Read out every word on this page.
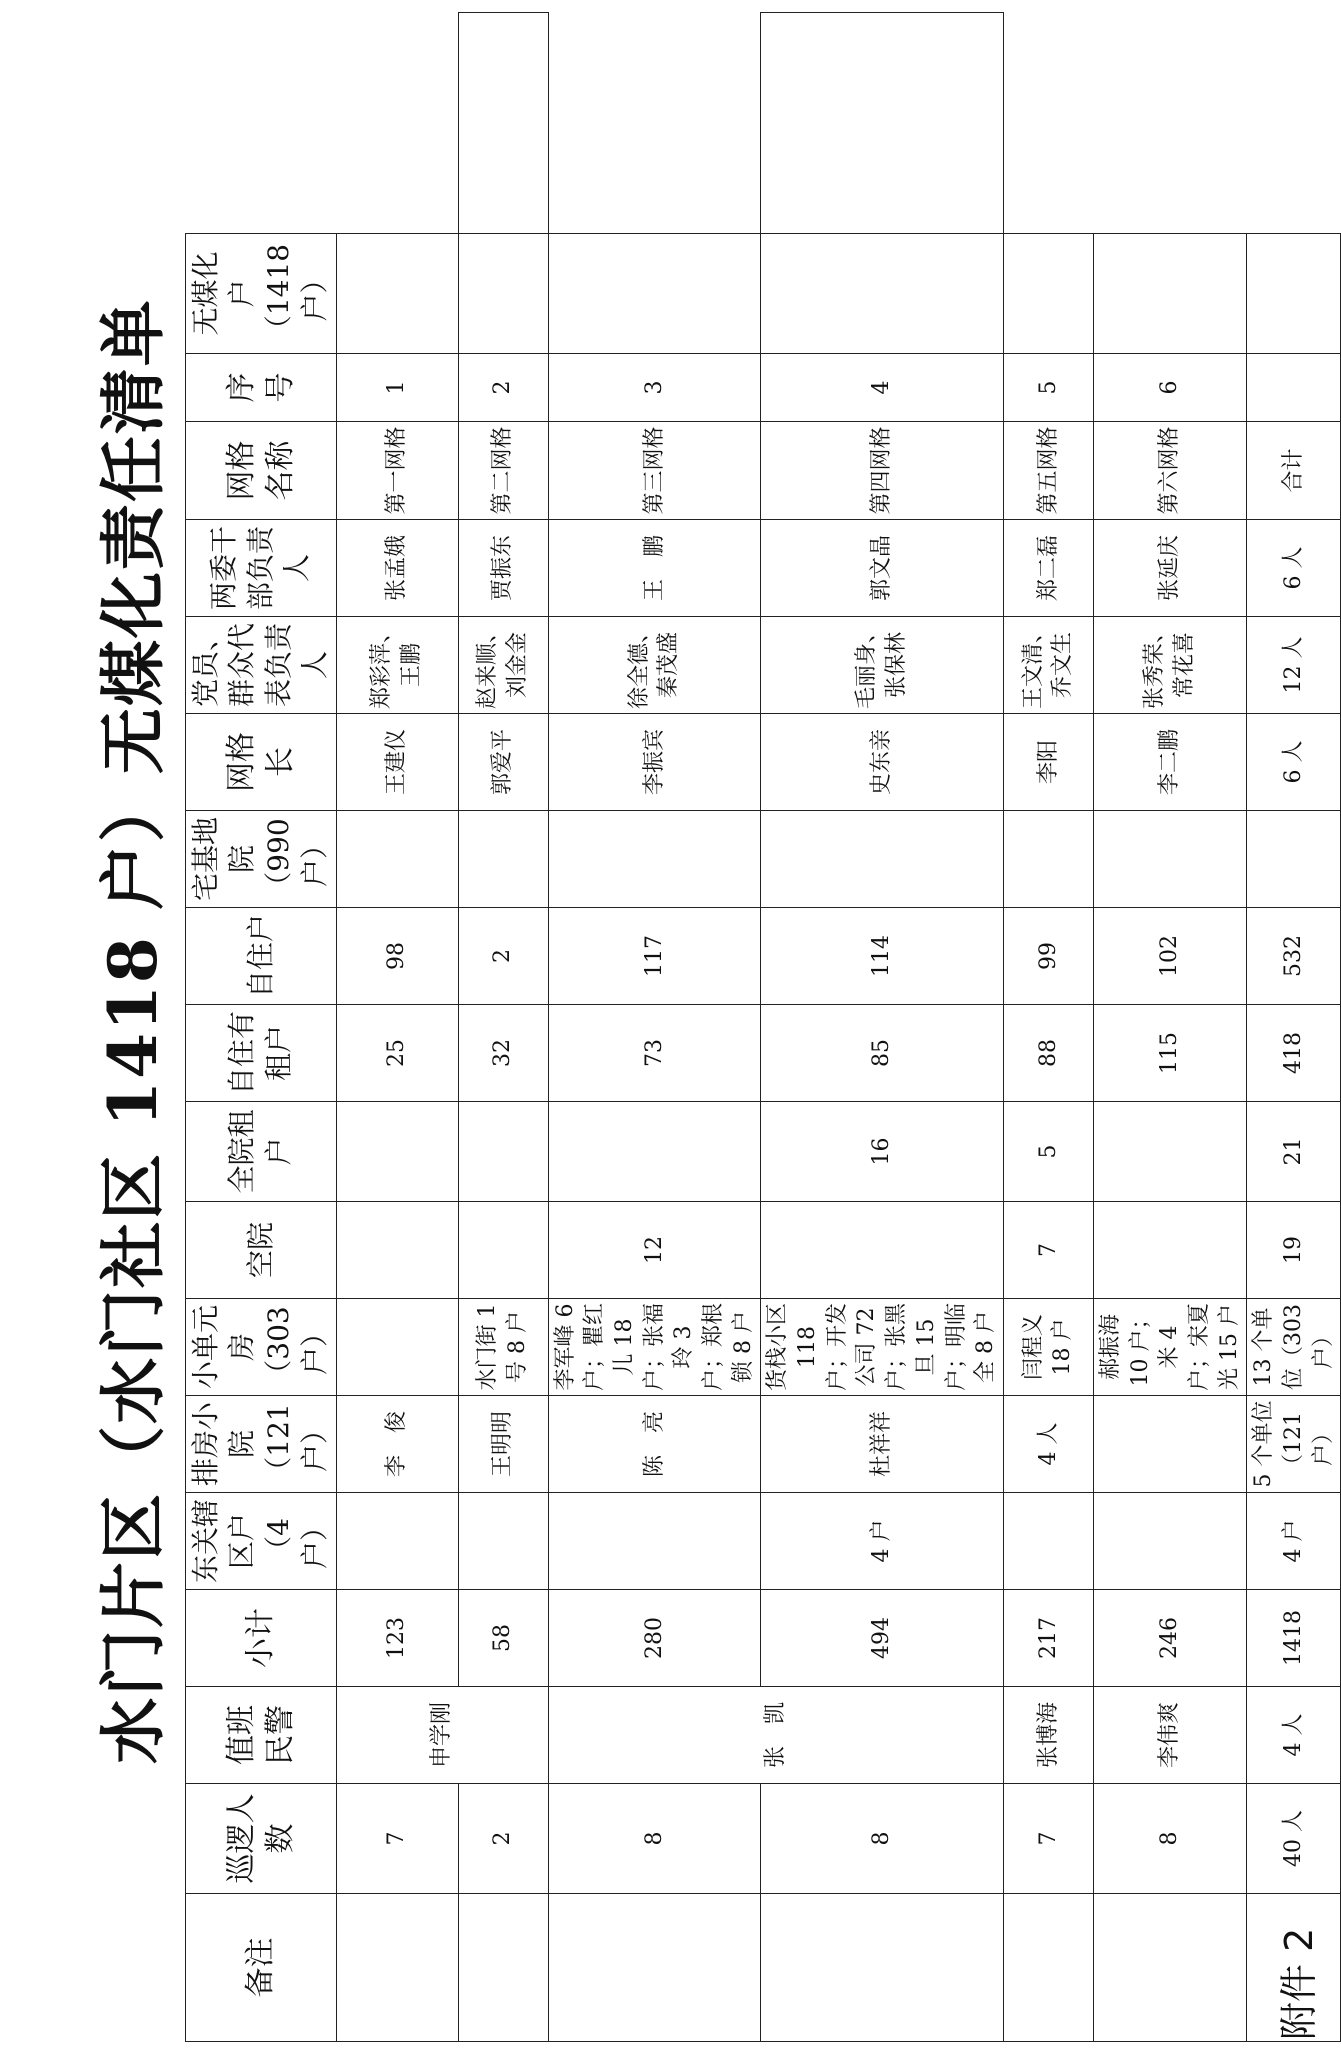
附件 2
水门片区（水门社区 1418 户）无煤化责任清单
备注	巡逻人数	值班民警	小计	东关辖区户（4 户）	排房小院（121 户）	小单元房（303 户）	空院	全院租户	自住有租户	自住户	宅基地院（990 户）	网格长	党员、群众代表负责人	两委干部负责人	网格名称	序号	无煤化户（1418 户）	
	7	申学刚	123		李　俊				25	98		王建仪	郑彩萍、王鹏	张孟娥	第一网格	1		
	2		58		王明明	水门街 1 号 8 户			32	2		郭爱平	赵来顺、刘金金	贾振东	第二网格	2		
	8	张　凯	280		陈　亮	李军峰 6 户；瞿红儿 18 户；张福玲 3 户；郑根锁 8 户	12		73	117		李振宾	徐全德、秦茂盛	王　鹏	第三网格	3		
	8		494	4 户	杜祥祥	货栈小区 118 户；开发公司 72 户；张黑旦 15 户；明临全 8 户		16	85	114		史东亲	毛丽身、张保林	郭文晶	第四网格	4		
	7	张博海	217		4 人	闫程义 18 户	7	5	88	99		李阳	王文清、乔文生	郑二磊	第五网格	5		
	8	李伟爽	246			郝振海 10 户；米 4 户；宋夏光 15 户			115	102		李二鹏	张秀荣、常花喜	张延庆	第六网格	6		
	40 人	4 人	1418	4 户	5 个单位（121 户）	13 个单位（303 户）	19	21	418	532		6 人	12 人	6 人	合计			
